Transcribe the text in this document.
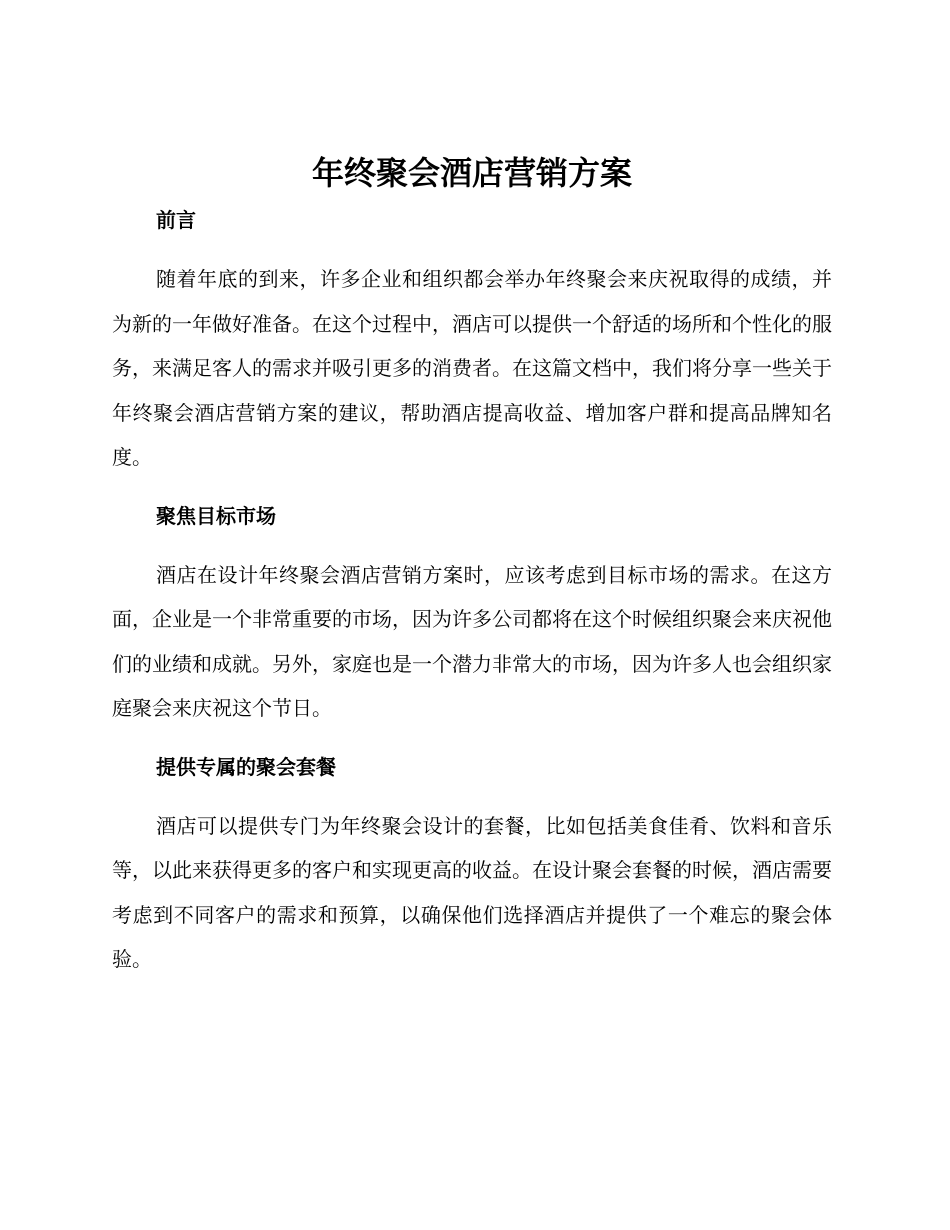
年终聚会酒店营销方案
前言

随着年底的到来，许多企业和组织都会举办年终聚会来庆祝取得的成绩，并为新的一年做好准备。在这个过程中，酒店可以提供一个舒适的场所和个性化的服务，来满足客人的需求并吸引更多的消费者。在这篇文档中，我们将分享一些关于年终聚会酒店营销方案的建议，帮助酒店提高收益、增加客户群和提高品牌知名度。

聚焦目标市场

酒店在设计年终聚会酒店营销方案时，应该考虑到目标市场的需求。在这方面，企业是一个非常重要的市场，因为许多公司都将在这个时候组织聚会来庆祝他们的业绩和成就。另外，家庭也是一个潜力非常大的市场，因为许多人也会组织家庭聚会来庆祝这个节日。

提供专属的聚会套餐

酒店可以提供专门为年终聚会设计的套餐，比如包括美食佳肴、饮料和音乐等，以此来获得更多的客户和实现更高的收益。在设计聚会套餐的时候，酒店需要考虑到不同客户的需求和预算，以确保他们选择酒店并提供了一个难忘的聚会体验。
